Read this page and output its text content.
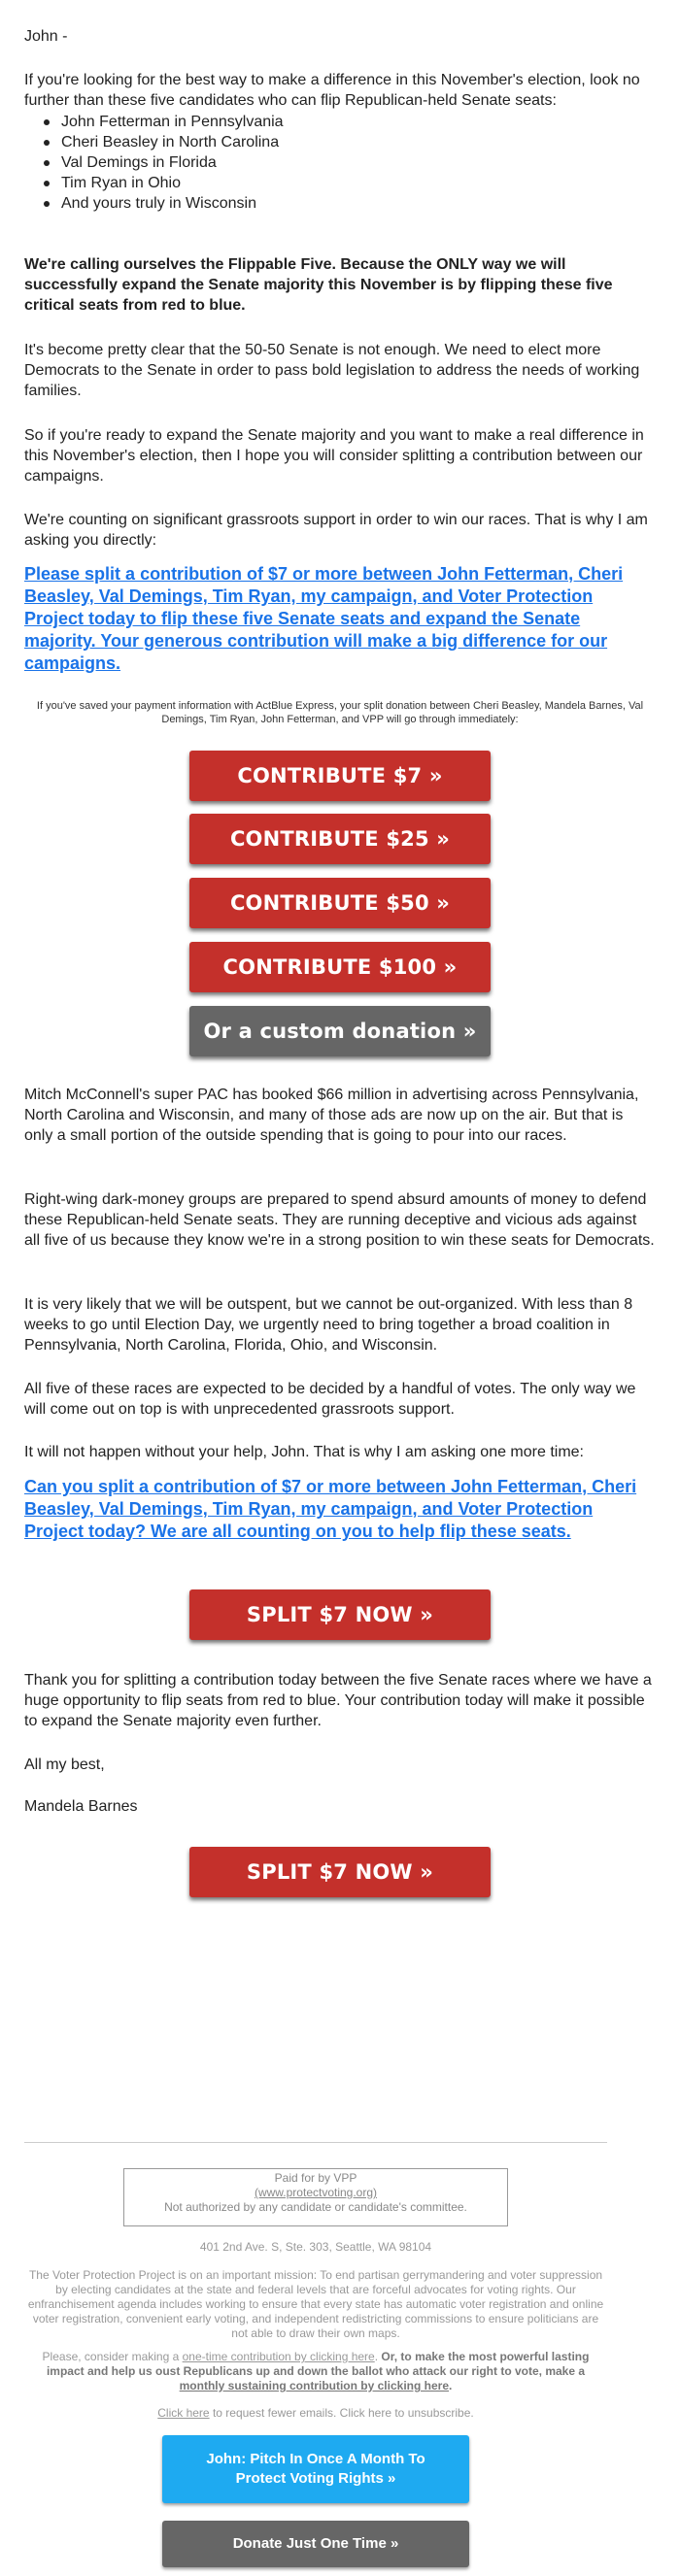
John -

If you're looking for the best way to make a difference in this November's election, look no further than these five candidates who can flip Republican-held Senate seats:

John Fetterman in Pennsylvania
Cheri Beasley in North Carolina
Val Demings in Florida
Tim Ryan in Ohio
And yours truly in Wisconsin

We're calling ourselves the Flippable Five. Because the ONLY way we will successfully expand the Senate majority this November is by flipping these five critical seats from red to blue.

It's become pretty clear that the 50-50 Senate is not enough. We need to elect more Democrats to the Senate in order to pass bold legislation to address the needs of working families.

So if you're ready to expand the Senate majority and you want to make a real difference in this November's election, then I hope you will consider splitting a contribution between our campaigns.

We're counting on significant grassroots support in order to win our races. That is why I am asking you directly:

Please split a contribution of $7 or more between John Fetterman, Cheri Beasley, Val Demings, Tim Ryan, my campaign, and Voter Protection Project today to flip these five Senate seats and expand the Senate majority. Your generous contribution will make a big difference for our campaigns.
If you've saved your payment information with ActBlue Express, your split donation between Cheri Beasley, Mandela Barnes, Val Demings, Tim Ryan, John Fetterman, and VPP will go through immediately:
CONTRIBUTE $7 »
CONTRIBUTE $25 »
CONTRIBUTE $50 »
CONTRIBUTE $100 »
Or a custom donation »

Mitch McConnell's super PAC has booked $66 million in advertising across Pennsylvania, North Carolina and Wisconsin, and many of those ads are now up on the air. But that is only a small portion of the outside spending that is going to pour into our races.

Right-wing dark-money groups are prepared to spend absurd amounts of money to defend these Republican-held Senate seats. They are running deceptive and vicious ads against all five of us because they know we're in a strong position to win these seats for Democrats.

It is very likely that we will be outspent, but we cannot be out-organized. With less than 8 weeks to go until Election Day, we urgently need to bring together a broad coalition in Pennsylvania, North Carolina, Florida, Ohio, and Wisconsin.

All five of these races are expected to be decided by a handful of votes. The only way we will come out on top is with unprecedented grassroots support.

It will not happen without your help, John. That is why I am asking one more time:

Can you split a contribution of $7 or more between John Fetterman, Cheri Beasley, Val Demings, Tim Ryan, my campaign, and Voter Protection Project today? We are all counting on you to help flip these seats.
SPLIT $7 NOW »

Thank you for splitting a contribution today between the five Senate races where we have a huge opportunity to flip seats from red to blue. Your contribution today will make it possible to expand the Senate majority even further.

All my best,

Mandela Barnes

SPLIT $7 NOW »
Paid for by VPP
(www.protectvoting.org)
Not authorized by any candidate or candidate's committee.
401 2nd Ave. S, Ste. 303, Seattle, WA 98104
The Voter Protection Project is on an important mission: To end partisan gerrymandering and voter suppression by electing candidates at the state and federal levels that are forceful advocates for voting rights. Our enfranchisement agenda includes working to ensure that every state has automatic voter registration and online voter registration, convenient early voting, and independent redistricting commissions to ensure politicians are not able to draw their own maps.
Please, consider making a one-time contribution by clicking here. Or, to make the most powerful lasting impact and help us oust Republicans up and down the ballot who attack our right to vote, make a monthly sustaining contribution by clicking here.
Click here to request fewer emails. Click here to unsubscribe.
John: Pitch In Once A Month To Protect Voting Rights »
Donate Just One Time »
